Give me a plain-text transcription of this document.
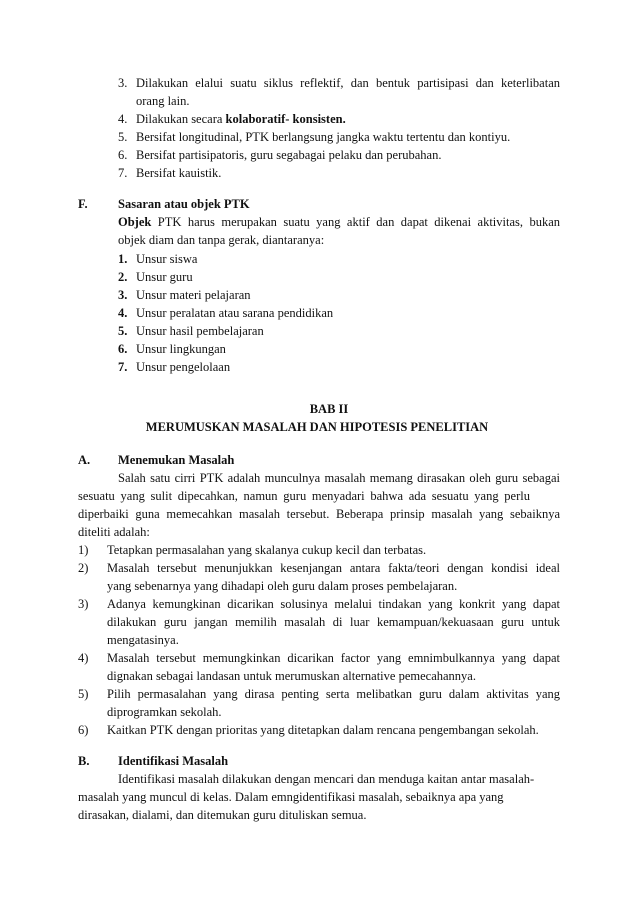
3. Dilakukan elalui suatu siklus reflektif, dan bentuk partisipasi dan keterlibatan
orang lain.
4. Dilakukan secara kolaboratif- konsisten.
5. Bersifat longitudinal, PTK berlangsung jangka waktu tertentu dan kontiyu.
6. Bersifat partisipatoris, guru segabagai pelaku dan perubahan.
7. Bersifat kauistik.
F. Sasaran atau objek PTK
Objek PTK harus merupakan suatu yang aktif dan dapat dikenai aktivitas, bukan
objek diam dan tanpa gerak, diantaranya:
1. Unsur siswa
2. Unsur guru
3. Unsur materi pelajaran
4. Unsur peralatan atau sarana pendidikan
5. Unsur hasil pembelajaran
6. Unsur lingkungan
7. Unsur pengelolaan
BAB II
MERUMUSKAN MASALAH DAN HIPOTESIS PENELITIAN
A. Menemukan Masalah
Salah satu cirri PTK adalah munculnya masalah memang dirasakan oleh guru sebagai
sesuatu yang sulit dipecahkan, namun guru menyadari bahwa ada sesuatu yang perlu
diperbaiki guna memecahkan masalah tersebut. Beberapa prinsip masalah yang sebaiknya
diteliti adalah:
1) Tetapkan permasalahan yang skalanya cukup kecil dan terbatas.
2) Masalah tersebut menunjukkan kesenjangan antara fakta/teori dengan kondisi ideal
yang sebenarnya yang dihadapi oleh guru dalam proses pembelajaran.
3) Adanya kemungkinan dicarikan solusinya melalui tindakan yang konkrit yang dapat
dilakukan guru jangan memilih masalah di luar kemampuan/kekuasaan guru untuk
mengatasinya.
4) Masalah tersebut memungkinkan dicarikan factor yang emnimbulkannya yang dapat
dignakan sebagai landasan untuk merumuskan alternative pemecahannya.
5) Pilih permasalahan yang dirasa penting serta melibatkan guru dalam aktivitas yang
diprogramkan sekolah.
6) Kaitkan PTK dengan prioritas yang ditetapkan dalam rencana pengembangan sekolah.
B. Identifikasi Masalah
Identifikasi masalah dilakukan dengan mencari dan menduga kaitan antar masalah-
masalah yang muncul di kelas. Dalam emngidentifikasi masalah, sebaiknya apa yang
dirasakan, dialami, dan ditemukan guru dituliskan semua.
